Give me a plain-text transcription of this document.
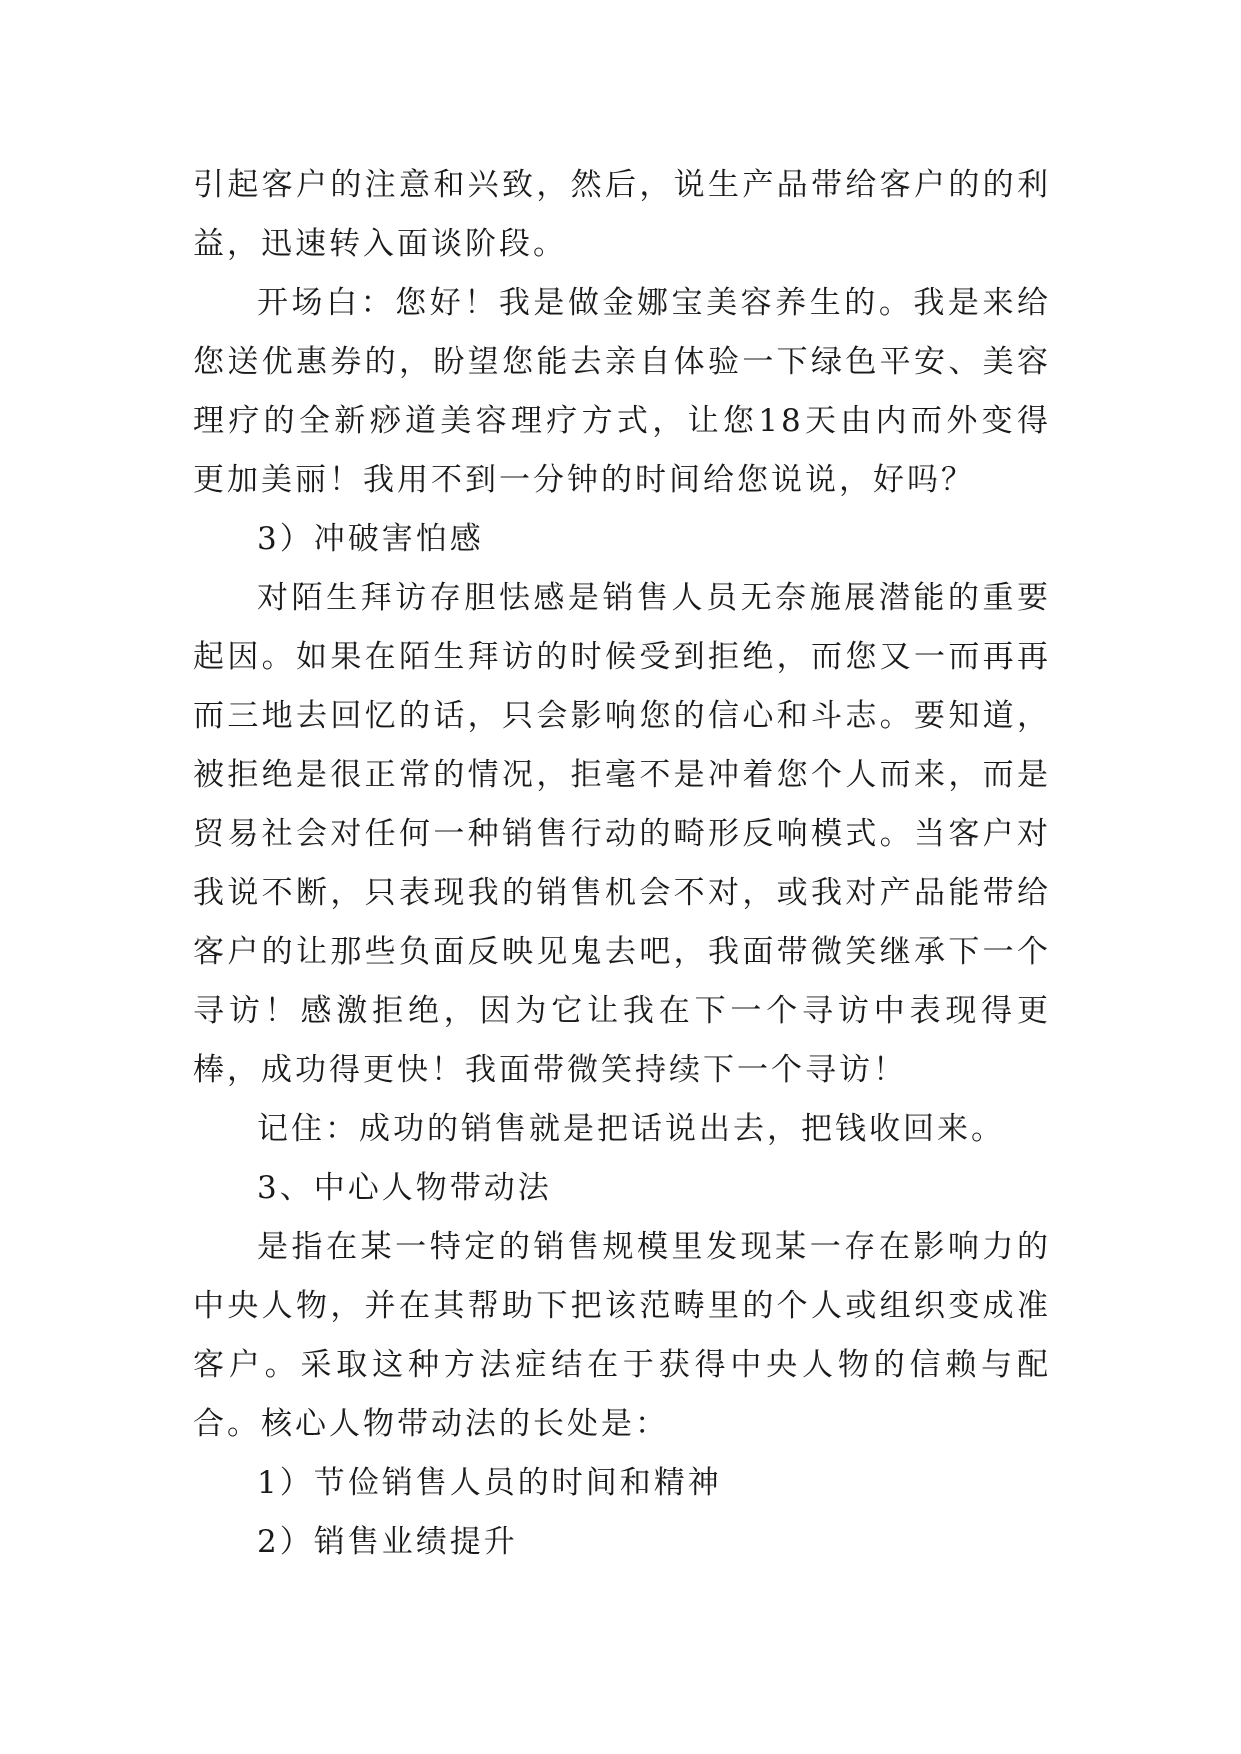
引起客户的注意和兴致，然后，说生产品带给客户的的利益，迅速转入面谈阶段。

开场白：您好！我是做金娜宝美容养生的。我是来给您送优惠券的，盼望您能去亲自体验一下绿色平安、美容理疗的全新痧道美容理疗方式，让您18天由内而外变得更加美丽！我用不到一分钟的时间给您说说，好吗？

3）冲破害怕感

对陌生拜访存胆怯感是销售人员无奈施展潜能的重要起因。如果在陌生拜访的时候受到拒绝，而您又一而再再而三地去回忆的话，只会影响您的信心和斗志。要知道，被拒绝是很正常的情况，拒毫不是冲着您个人而来，而是贸易社会对任何一种销售行动的畸形反响模式。当客户对我说不断，只表现我的销售机会不对，或我对产品能带给客户的让那些负面反映见鬼去吧，我面带微笑继承下一个寻访！感激拒绝，因为它让我在下一个寻访中表现得更棒，成功得更快！我面带微笑持续下一个寻访！

记住：成功的销售就是把话说出去，把钱收回来。

3、中心人物带动法

是指在某一特定的销售规模里发现某一存在影响力的中央人物，并在其帮助下把该范畴里的个人或组织变成准客户。采取这种方法症结在于获得中央人物的信赖与配合。核心人物带动法的长处是：

1）节俭销售人员的时间和精神

2）销售业绩提升
